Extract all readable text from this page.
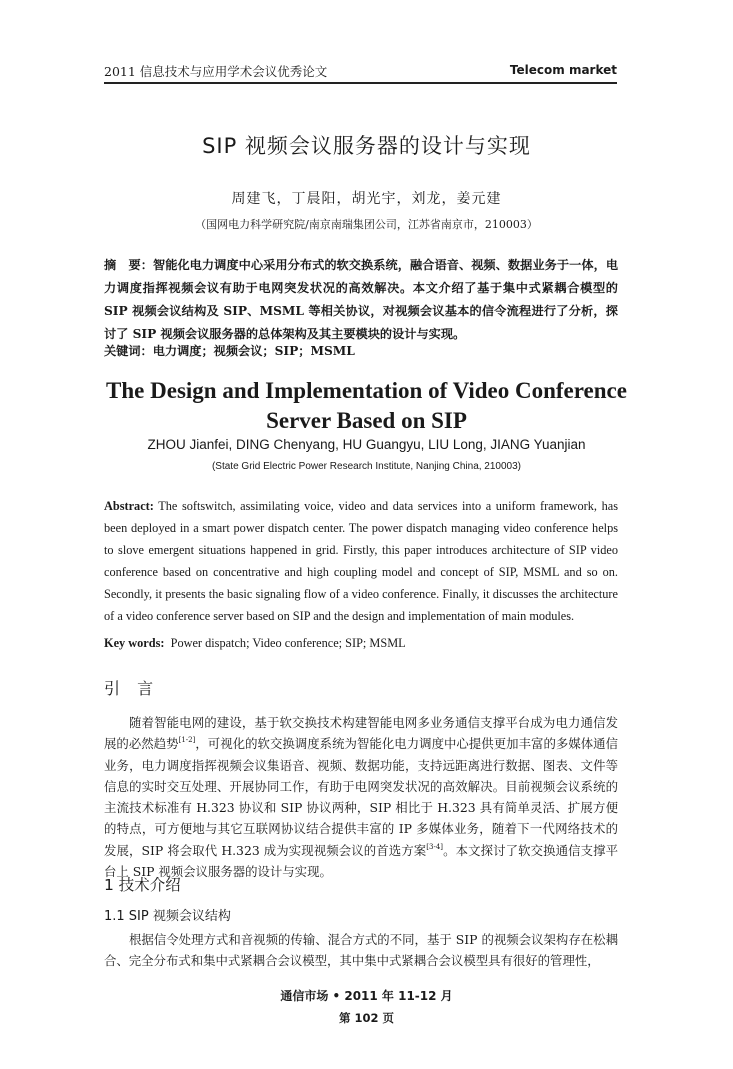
2011 信息技术与应用学术会议优秀论文	Telecom market
SIP 视频会议服务器的设计与实现
周建飞，丁晨阳，胡光宇，刘龙，姜元建
（国网电力科学研究院/南京南瑞集团公司，江苏省南京市，210003）
摘　要：智能化电力调度中心采用分布式的软交换系统，融合语音、视频、数据业务于一体，电力调度指挥视频会议有助于电网突发状况的高效解决。本文介绍了基于集中式紧耦合模型的 SIP 视频会议结构及 SIP、MSML 等相关协议，对视频会议基本的信令流程进行了分析，探讨了 SIP 视频会议服务器的总体架构及其主要模块的设计与实现。
关键词：电力调度；视频会议；SIP；MSML
The Design and Implementation of Video Conference
Server Based on SIP
ZHOU Jianfei, DING Chenyang, HU Guangyu, LIU Long, JIANG Yuanjian
(State Grid Electric Power Research Institute, Nanjing China, 210003)
Abstract: The softswitch, assimilating voice, video and data services into a uniform framework, has been deployed in a smart power dispatch center. The power dispatch managing video conference helps to slove emergent situations happened in grid. Firstly, this paper introduces architecture of SIP video conference based on concentrative and high coupling model and concept of SIP, MSML and so on. Secondly, it presents the basic signaling flow of a video conference. Finally, it discusses the architecture of a video conference server based on SIP and the design and implementation of main modules.
Key words: Power dispatch; Video conference; SIP; MSML
引 言
随着智能电网的建设，基于软交换技术构建智能电网多业务通信支撑平台成为电力通信发展的必然趋势[1-2]，可视化的软交换调度系统为智能化电力调度中心提供更加丰富的多媒体通信业务，电力调度指挥视频会议集语音、视频、数据功能，支持远距离进行数据、图表、文件等信息的实时交互处理、开展协同工作，有助于电网突发状况的高效解决。目前视频会议系统的主流技术标准有 H.323 协议和 SIP 协议两种，SIP 相比于 H.323 具有简单灵活、扩展方便的特点，可方便地与其它互联网协议结合提供丰富的 IP 多媒体业务，随着下一代网络技术的发展，SIP 将会取代 H.323 成为实现视频会议的首选方案[3-4]。本文探讨了软交换通信支撑平台上 SIP 视频会议服务器的设计与实现。
1 技术介绍
1.1 SIP 视频会议结构
根据信令处理方式和音视频的传输、混合方式的不同，基于 SIP 的视频会议架构存在松耦合、完全分布式和集中式紧耦合会议模型，其中集中式紧耦合会议模型具有很好的管理性，
通信市场 • 2011 年 11-12 月
第 102 页
